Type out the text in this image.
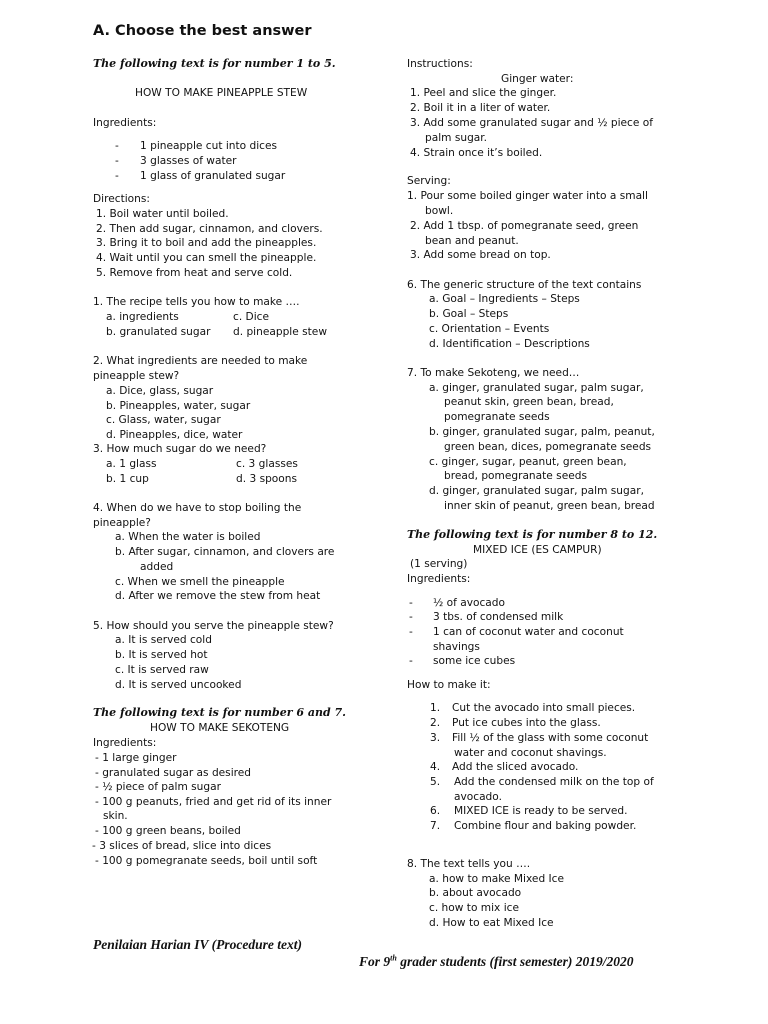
A. Choose the best answer
The following text is for number 1 to 5.
HOW TO MAKE PINEAPPLE STEW
Ingredients:
- 1 pineapple cut into dices
- 3 glasses of water
- 1 glass of granulated sugar
Directions:
1. Boil water until boiled.
2. Then add sugar, cinnamon, and clovers.
3. Bring it to boil and add the pineapples.
4. Wait until you can smell the pineapple.
5. Remove from heat and serve cold.
1. The recipe tells you how to make ….
a. ingredients	c. Dice
b. granulated sugar d. pineapple stew
2. What ingredients are needed to make
pineapple stew?
a. Dice, glass, sugar
b. Pineapples, water, sugar
c. Glass, water, sugar
d. Pineapples, dice, water
3. How much sugar do we need?
a. 1 glass	c. 3 glasses
b. 1 cup	d. 3 spoons
4. When do we have to stop boiling the
pineapple?
a. When the water is boiled
b. After sugar, cinnamon, and clovers are
added
c. When we smell the pineapple
d. After we remove the stew from heat
5. How should you serve the pineapple stew?
a. It is served cold
b. It is served hot
c. It is served raw
d. It is served uncooked
The following text is for number 6 and 7.
HOW TO MAKE SEKOTENG
Ingredients:
- 1 large ginger
- granulated sugar as desired
- ½ piece of palm sugar
- 100 g peanuts, fried and get rid of its inner
skin.
- 100 g green beans, boiled
- 3 slices of bread, slice into dices
- 100 g pomegranate seeds, boil until soft
Instructions:
Ginger water:
1. Peel and slice the ginger.
2. Boil it in a liter of water.
3. Add some granulated sugar and ½ piece of
palm sugar.
4. Strain once it’s boiled.
Serving:
1. Pour some boiled ginger water into a small
bowl.
2. Add 1 tbsp. of pomegranate seed, green
bean and peanut.
3. Add some bread on top.
6. The generic structure of the text contains
a. Goal – Ingredients – Steps
b. Goal – Steps
c. Orientation – Events
d. Identification – Descriptions
7. To make Sekoteng, we need…
a. ginger, granulated sugar, palm sugar,
peanut skin, green bean, bread,
pomegranate seeds
b. ginger, granulated sugar, palm, peanut,
green bean, dices, pomegranate seeds
c. ginger, sugar, peanut, green bean,
bread, pomegranate seeds
d. ginger, granulated sugar, palm sugar,
inner skin of peanut, green bean, bread
The following text is for number 8 to 12.
MIXED ICE (ES CAMPUR)
(1 serving)
Ingredients:
- ½ of avocado
- 3 tbs. of condensed milk
- 1 can of coconut water and coconut
shavings
- some ice cubes
How to make it:
1. Cut the avocado into small pieces.
2. Put ice cubes into the glass.
3. Fill ½ of the glass with some coconut
water and coconut shavings.
4. Add the sliced avocado.
5. Add the condensed milk on the top of
avocado.
6. MIXED ICE is ready to be served.
7. Combine flour and baking powder.
8. The text tells you ….
a. how to make Mixed Ice
b. about avocado
c. how to mix ice
d. How to eat Mixed Ice
Penilaian Harian IV (Procedure text)
For 9th grader students (first semester) 2019/2020
